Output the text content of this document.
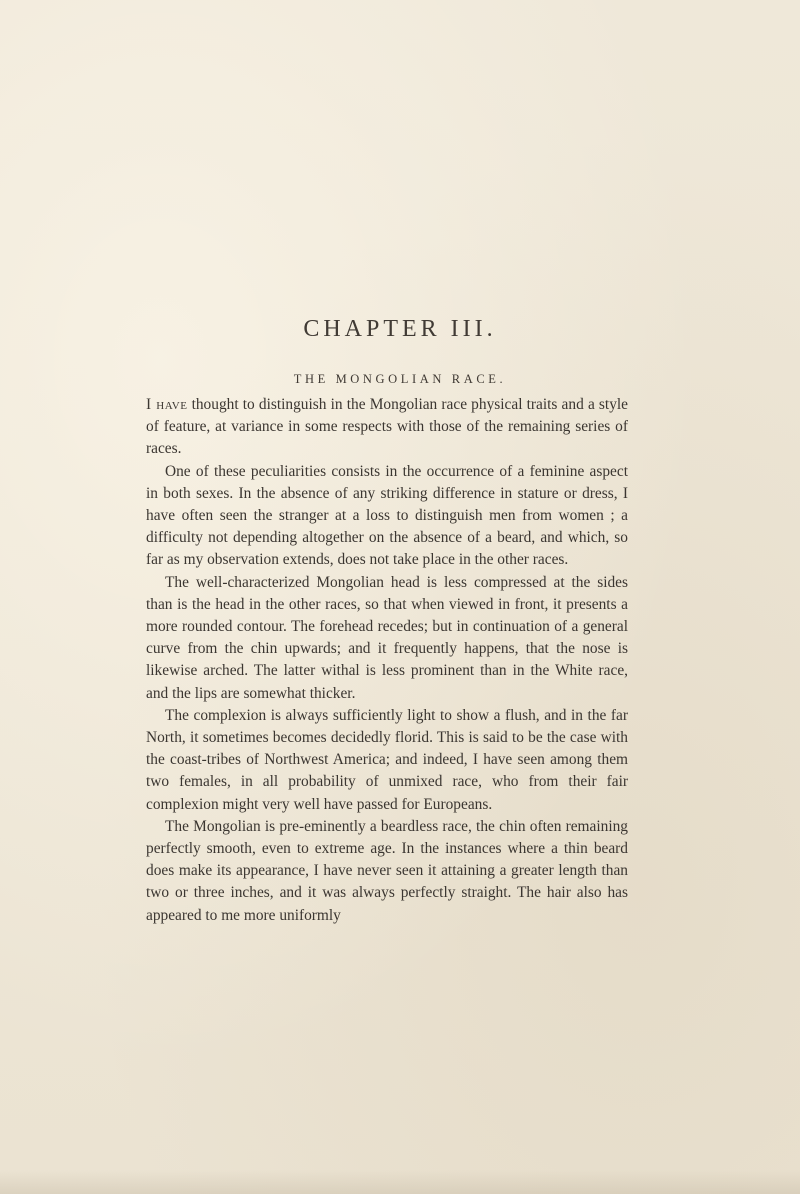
CHAPTER III.
THE MONGOLIAN RACE.

I have thought to distinguish in the Mongolian race physical traits and a style of feature, at variance in some respects with those of the remaining series of races.

One of these peculiarities consists in the occurrence of a feminine aspect in both sexes. In the absence of any striking difference in stature or dress, I have often seen the stranger at a loss to distinguish men from women ; a difficulty not depending altogether on the absence of a beard, and which, so far as my observation extends, does not take place in the other races.

The well-characterized Mongolian head is less compressed at the sides than is the head in the other races, so that when viewed in front, it presents a more rounded contour. The forehead recedes; but in continuation of a general curve from the chin upwards; and it frequently happens, that the nose is likewise arched. The latter withal is less prominent than in the White race, and the lips are somewhat thicker.

The complexion is always sufficiently light to show a flush, and in the far North, it sometimes becomes decidedly florid. This is said to be the case with the coast-tribes of Northwest America; and indeed, I have seen among them two females, in all probability of unmixed race, who from their fair complexion might very well have passed for Europeans.

The Mongolian is pre-eminently a beardless race, the chin often remaining perfectly smooth, even to extreme age. In the instances where a thin beard does make its appearance, I have never seen it attaining a greater length than two or three inches, and it was always perfectly straight. The hair also has appeared to me more uniformly
